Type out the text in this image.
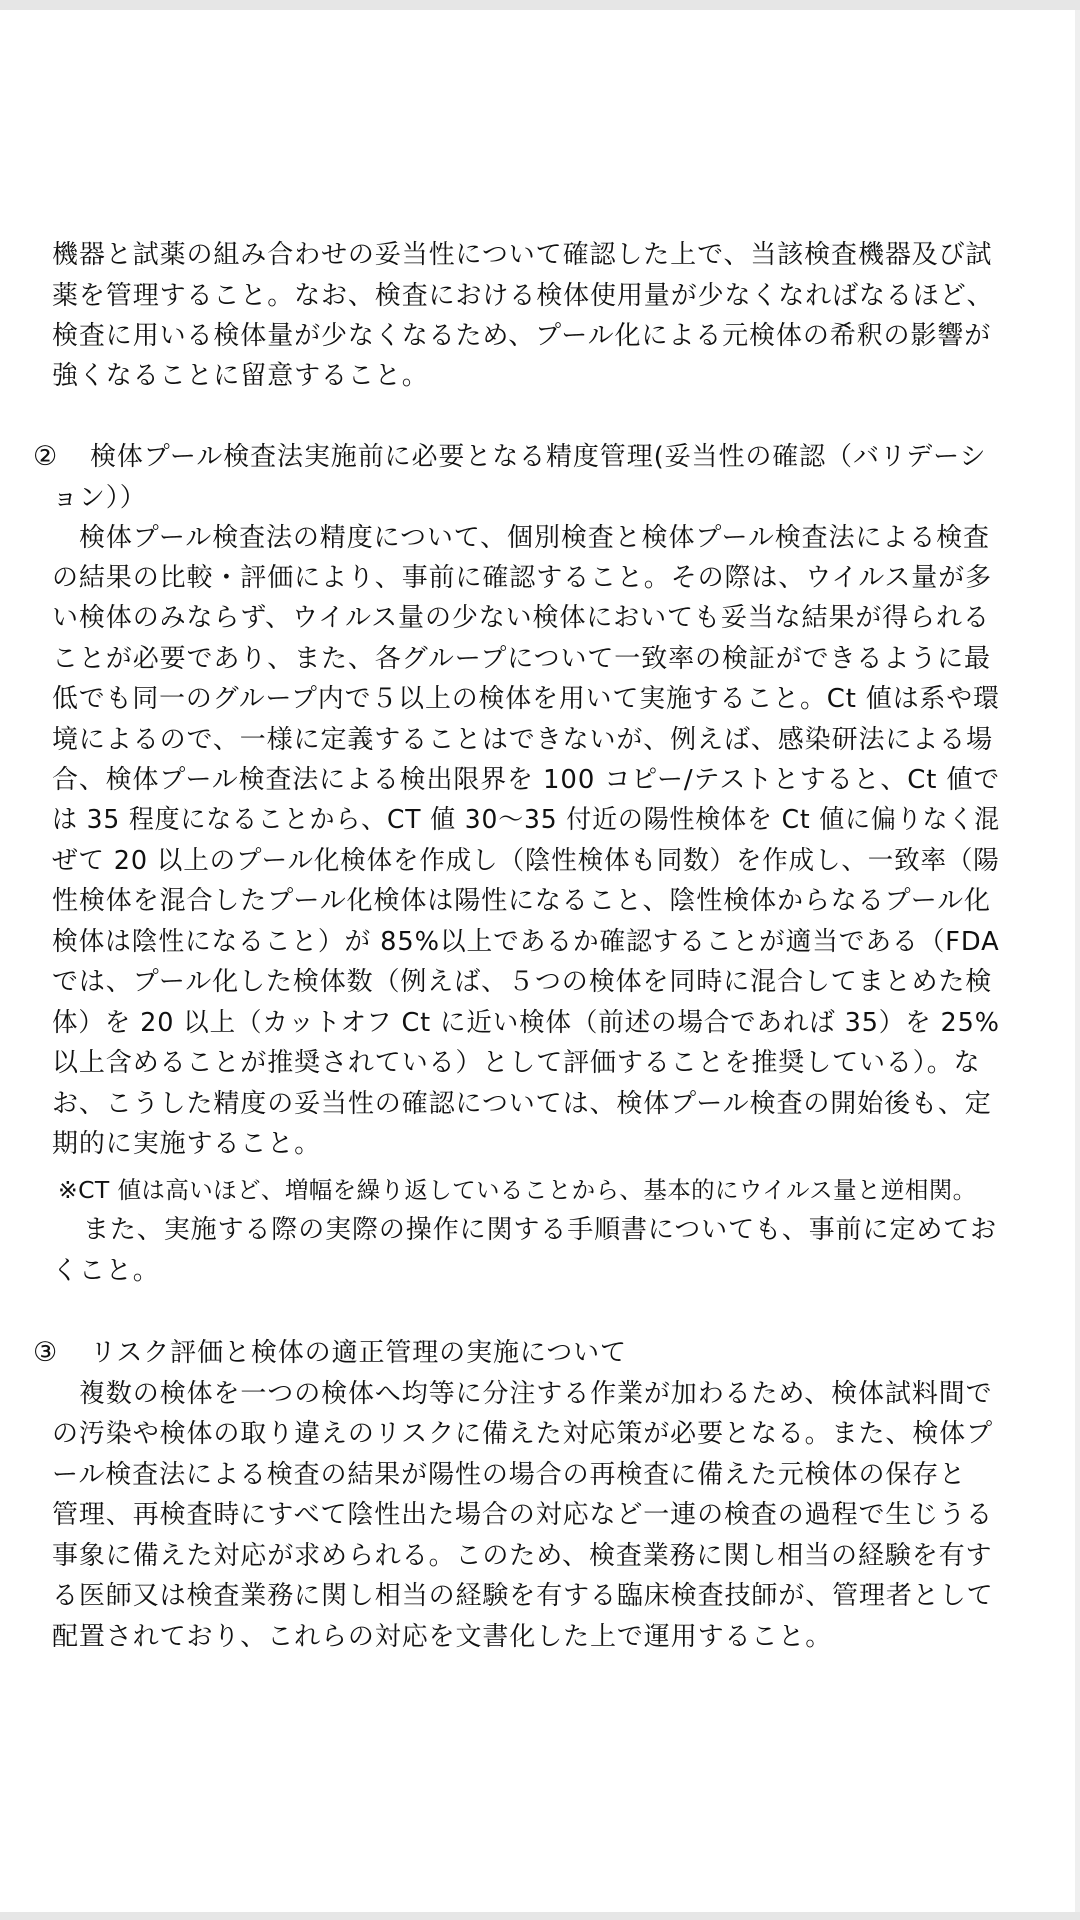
機器と試薬の組み合わせの妥当性について確認した上で、当該検査機器及び試
薬を管理すること。なお、検査における検体使用量が少なくなればなるほど、
検査に用いる検体量が少なくなるため、プール化による元検体の希釈の影響が
強くなることに留意すること。
② 検体プール検査法実施前に必要となる精度管理(妥当性の確認（バリデーシ
ョン））
検体プール検査法の精度について、個別検査と検体プール検査法による検査
の結果の比較・評価により、事前に確認すること。その際は、ウイルス量が多
い検体のみならず、ウイルス量の少ない検体においても妥当な結果が得られる
ことが必要であり、また、各グループについて一致率の検証ができるように最
低でも同一のグループ内で５以上の検体を用いて実施すること。Ct 値は系や環
境によるので、一様に定義することはできないが、例えば、感染研法による場
合、検体プール検査法による検出限界を 100 コピー/テストとすると、Ct 値で
は 35 程度になることから、CT 値 30～35 付近の陽性検体を Ct 値に偏りなく混
ぜて 20 以上のプール化検体を作成し（陰性検体も同数）を作成し、一致率（陽
性検体を混合したプール化検体は陽性になること、陰性検体からなるプール化
検体は陰性になること）が 85%以上であるか確認することが適当である（FDA
では、プール化した検体数（例えば、５つの検体を同時に混合してまとめた検
体）を 20 以上（カットオフ Ct に近い検体（前述の場合であれば 35）を 25%
以上含めることが推奨されている）として評価することを推奨している）。な
お、こうした精度の妥当性の確認については、検体プール検査の開始後も、定
期的に実施すること。
※CT 値は高いほど、増幅を繰り返していることから、基本的にウイルス量と逆相関。
また、実施する際の実際の操作に関する手順書についても、事前に定めてお
くこと。
③ リスク評価と検体の適正管理の実施について
複数の検体を一つの検体へ均等に分注する作業が加わるため、検体試料間で
の汚染や検体の取り違えのリスクに備えた対応策が必要となる。また、検体プ
ール検査法による検査の結果が陽性の場合の再検査に備えた元検体の保存と
管理、再検査時にすべて陰性出た場合の対応など一連の検査の過程で生じうる
事象に備えた対応が求められる。このため、検査業務に関し相当の経験を有す
る医師又は検査業務に関し相当の経験を有する臨床検査技師が、管理者として
配置されており、これらの対応を文書化した上で運用すること。
